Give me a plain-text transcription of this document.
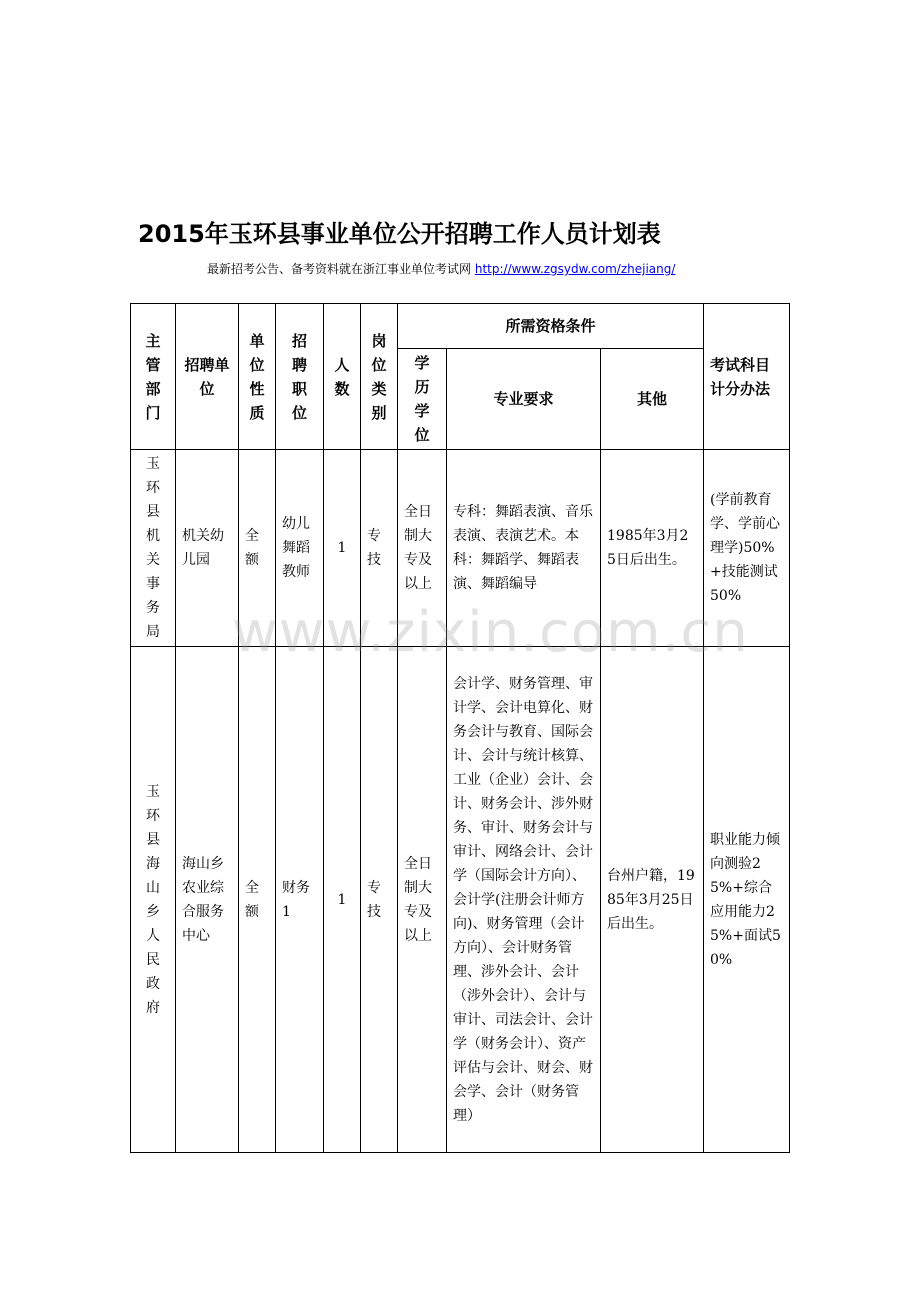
2015年玉环县事业单位公开招聘工作人员计划表
最新招考公告、备考资料就在浙江事业单位考试网 http://www.zgsydw.com/zhejiang/
主管部门	招聘单位	单位性质	招聘职位	人数	岗位类别	所需资格条件			考试科目计分办法

						学历学位	专业要求	其他	

玉环县机关事务局	机关幼儿园	全额	幼儿舞蹈教师	1	专技	全日制大专及以上	专科：舞蹈表演、音乐表演、表演艺术。本科：舞蹈学、舞蹈表演、舞蹈编导	1985年3月25日后出生。	(学前教育学、学前心理学)50%+技能测试50%

玉环县海山乡人民政府	海山乡农业综合服务中心	全额	财务1	1	专技	全日制大专及以上	会计学、财务管理、审计学、会计电算化、财务会计与教育、国际会计、会计与统计核算、工业（企业）会计、会计、财务会计、涉外财务、审计、财务会计与审计、网络会计、会计学（国际会计方向）、会计学(注册会计师方向)、财务管理（会计方向）、会计财务管理、涉外会计、会计（涉外会计）、会计与审计、司法会计、会计学（财务会计）、资产评估与会计、财会、财会学、会计（财务管理）	台州户籍，1985年3月25日后出生。	职业能力倾向测验25%+综合应用能力25%+面试50%
www.zixin.com.cn
